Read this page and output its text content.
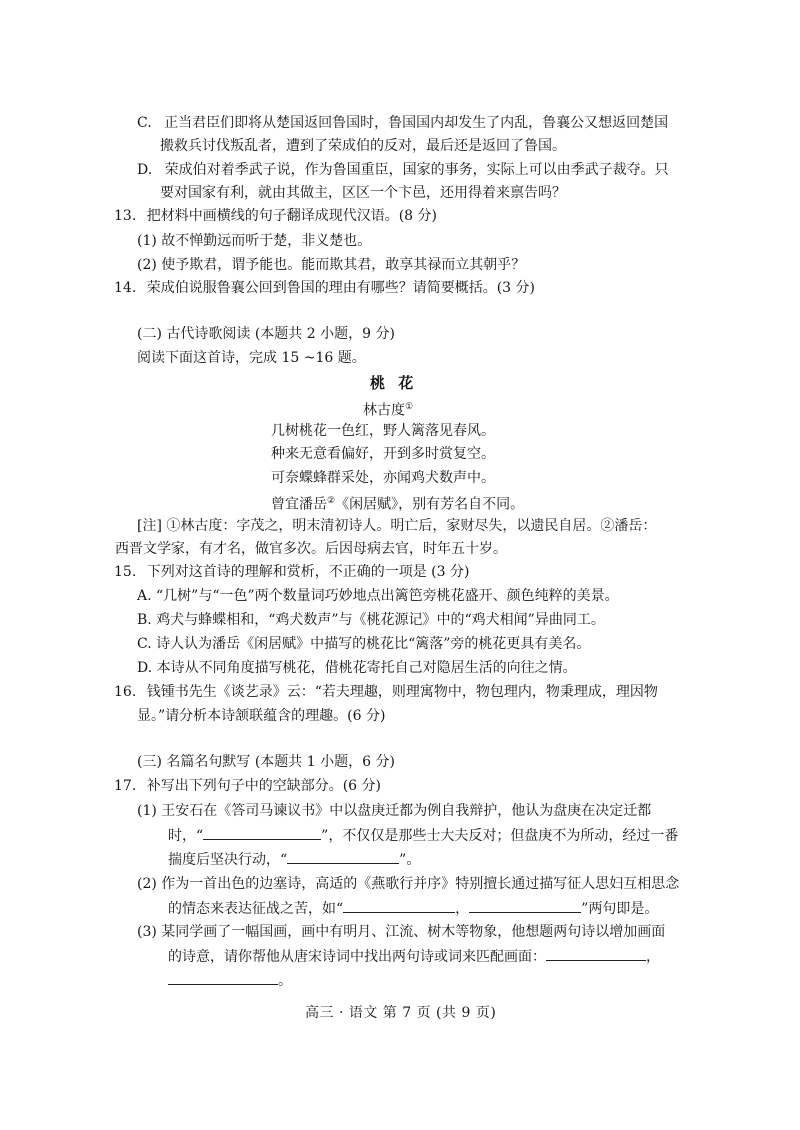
C. 正当君臣们即将从楚国返回鲁国时，鲁国国内却发生了内乱，鲁襄公又想返回楚国
搬救兵讨伐叛乱者，遭到了荣成伯的反对，最后还是返回了鲁国。
D. 荣成伯对着季武子说，作为鲁国重臣，国家的事务，实际上可以由季武子裁夺。只
要对国家有利，就由其做主，区区一个卞邑，还用得着来禀告吗？
13. 把材料中画横线的句子翻译成现代汉语。(8 分)
(1) 故不惮勤远而听于楚，非义楚也。
(2) 使予欺君，谓予能也。能而欺其君，敢享其禄而立其朝乎？
14. 荣成伯说服鲁襄公回到鲁国的理由有哪些？请简要概括。(3 分)
(二) 古代诗歌阅读 (本题共 2 小题，9 分)
阅读下面这首诗，完成 15 ~16 题。
桃 花
林古度①
几树桃花一色红，野人篱落见春风。
种来无意看偏好，开到多时赏复空。
可奈蝶蜂群采处，亦闻鸡犬数声中。
曾宜潘岳②《闲居赋》，别有芳名自不同。
[注] ①林古度：字茂之，明末清初诗人。明亡后，家财尽失，以遗民自居。②潘岳：
西晋文学家，有才名，做官多次。后因母病去官，时年五十岁。
15. 下列对这首诗的理解和赏析，不正确的一项是 (3 分)
A. “几树”与“一色”两个数量词巧妙地点出篱笆旁桃花盛开、颜色纯粹的美景。
B. 鸡犬与蜂蝶相和，“鸡犬数声”与《桃花源记》中的“鸡犬相闻”异曲同工。
C. 诗人认为潘岳《闲居赋》中描写的桃花比“篱落”旁的桃花更具有美名。
D. 本诗从不同角度描写桃花，借桃花寄托自己对隐居生活的向往之情。
16. 钱锺书先生《谈艺录》云：“若夫理趣，则理寓物中，物包理内，物秉理成，理因物
显。”请分析本诗颔联蕴含的理趣。(6 分)
(三) 名篇名句默写 (本题共 1 小题，6 分)
17. 补写出下列句子中的空缺部分。(6 分)
(1) 王安石在《答司马谏议书》中以盘庚迁都为例自我辩护，他认为盘庚在决定迁都
时，“	”，不仅仅是那些士大夫反对；但盘庚不为所动，经过一番
揣度后坚决行动，“	”。
(2) 作为一首出色的边塞诗，高适的《燕歌行并序》特别擅长通过描写征人思妇互相思念
的情态来表达征战之苦，如“	，	”两句即是。
(3) 某同学画了一幅国画，画中有明月、江流、树木等物象，他想题两句诗以增加画面
的诗意，请你帮他从唐宋诗词中找出两句诗或词来匹配画面：	，
。
高三 · 语文 第 7 页 (共 9 页)
